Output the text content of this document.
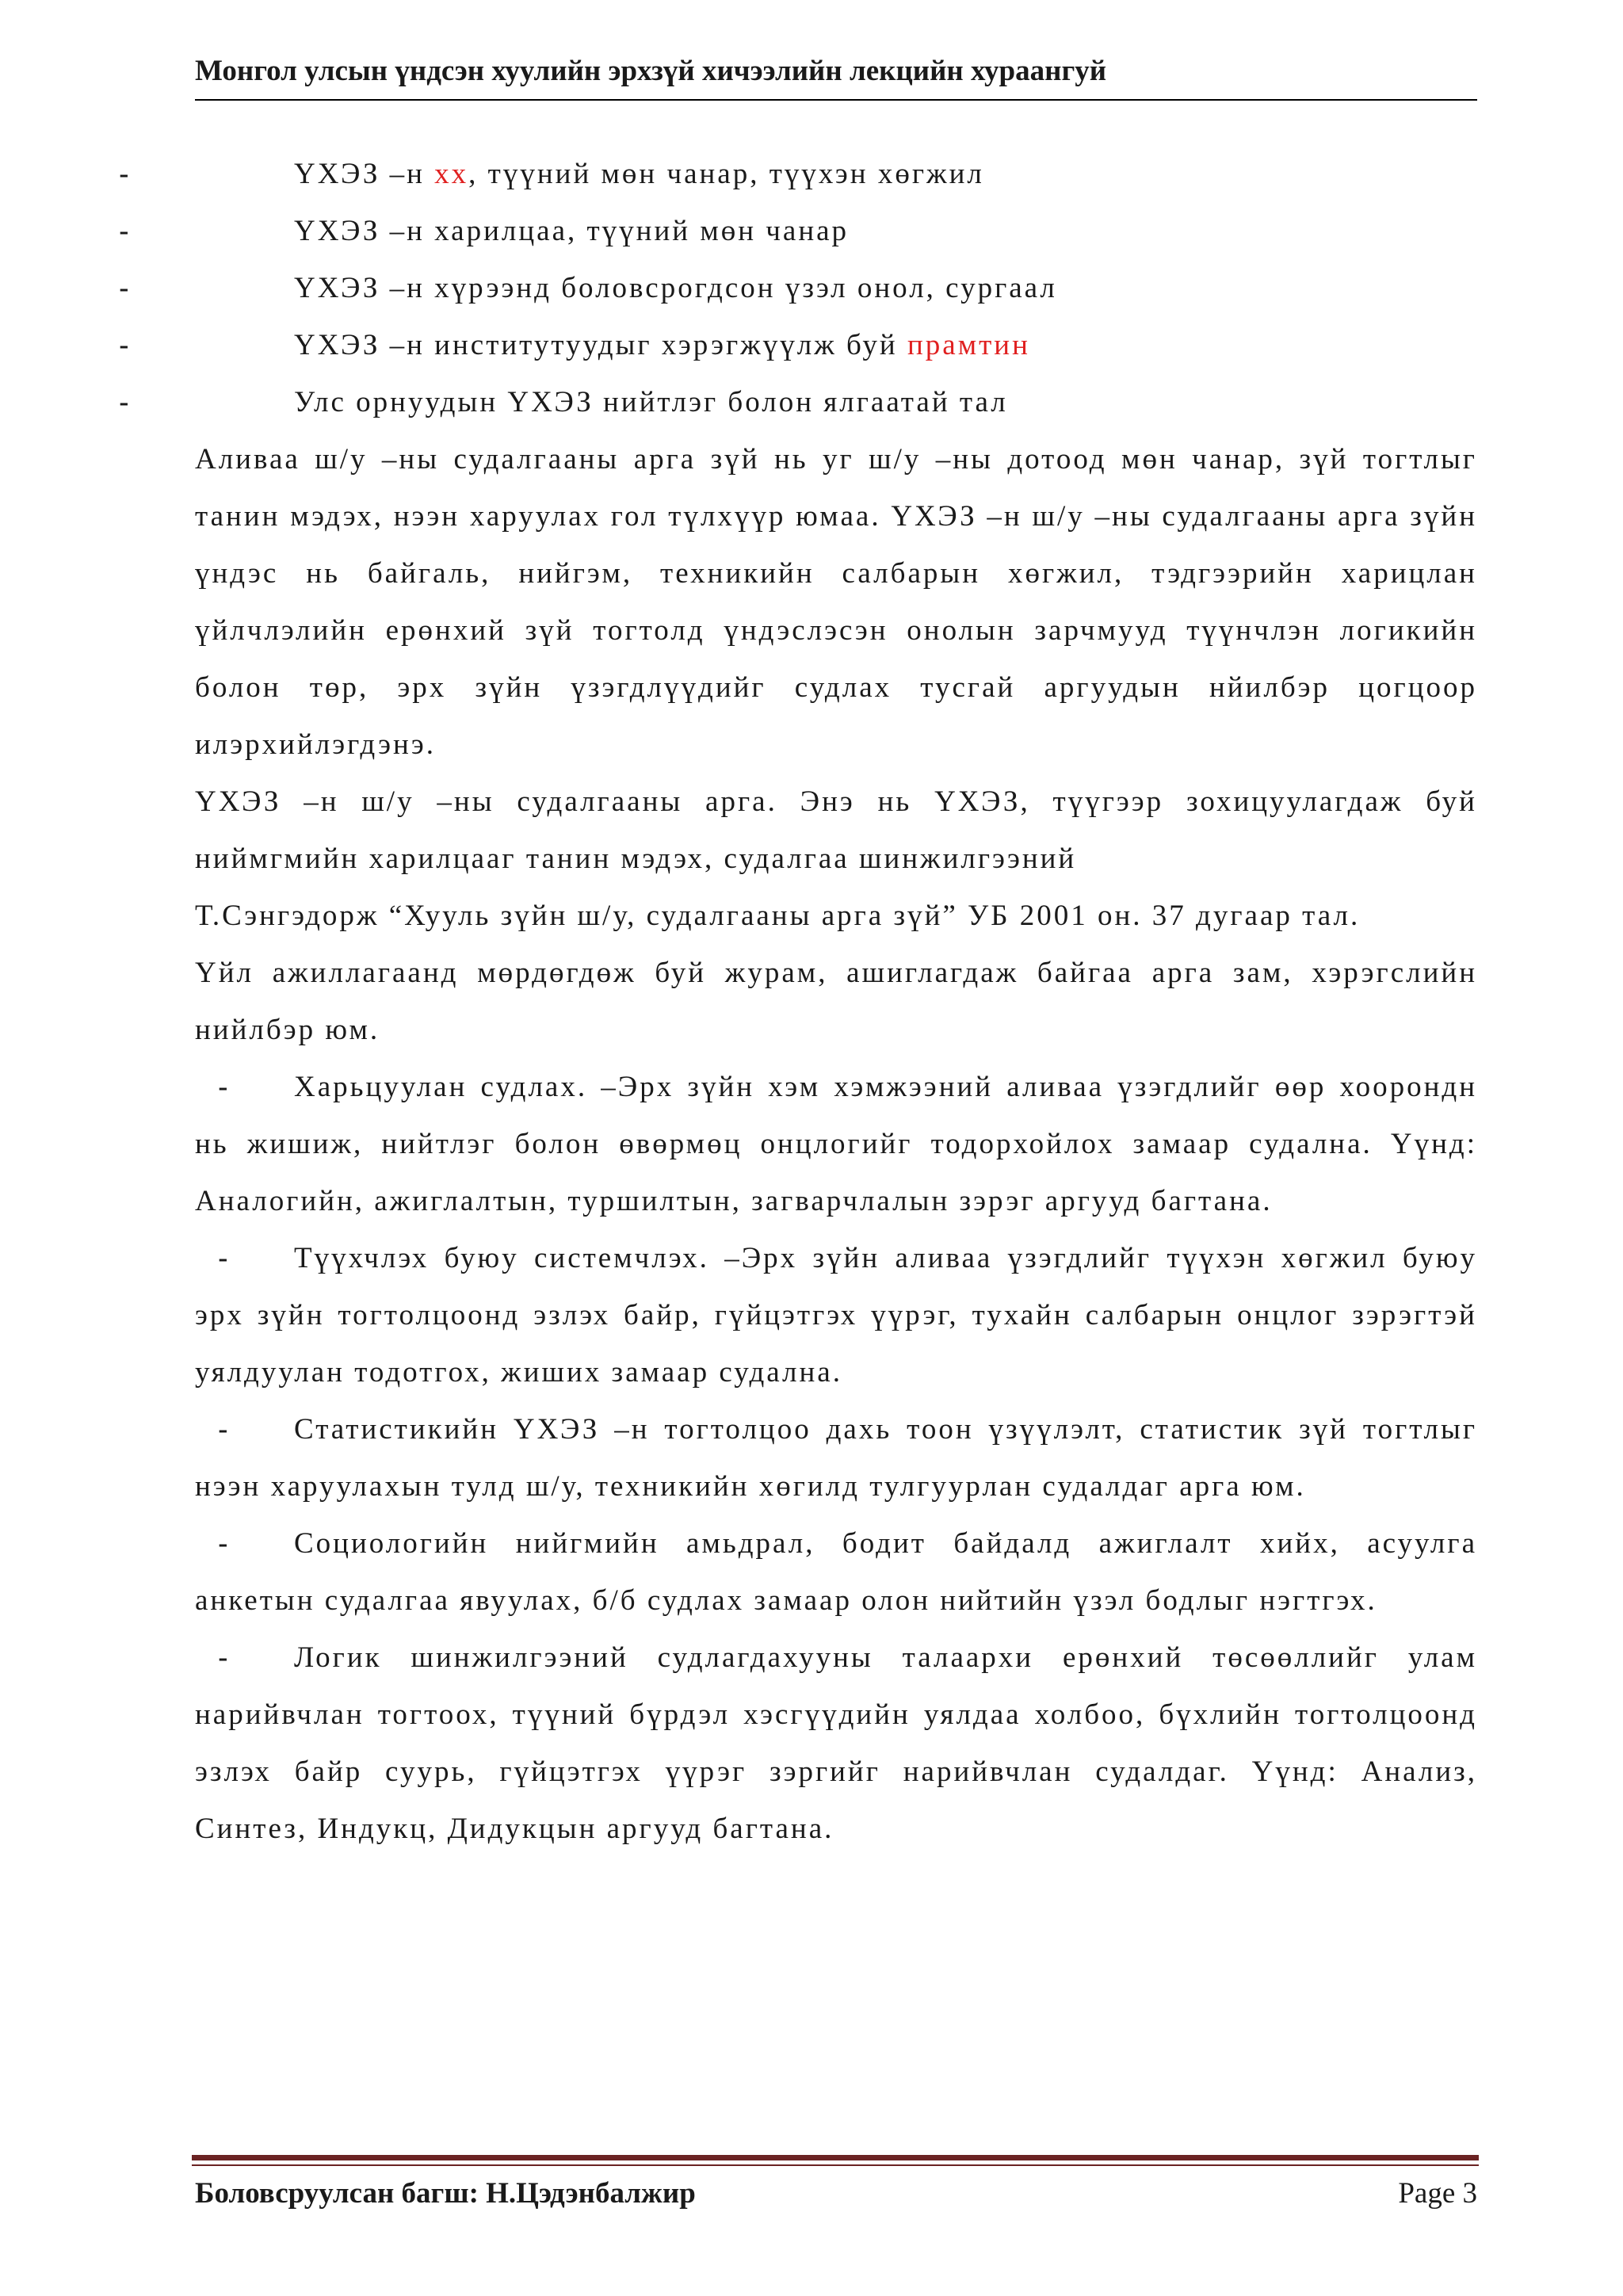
Монгол улсын үндсэн хуулийн эрхзүй хичээлийн лекцийн хураангуй

-	ҮХЭЗ –н хх, түүний мөн чанар, түүхэн хөгжил

-	ҮХЭЗ –н харилцаа, түүний мөн чанар

-	ҮХЭЗ –н хүрээнд боловсрогдсон үзэл онол, сургаал

-	ҮХЭЗ –н институтуудыг хэрэгжүүлж буй прамтин

-	Улс орнуудын ҮХЭЗ нийтлэг болон ялгаатай тал

Аливаа ш/у –ны судалгааны арга зүй нь уг ш/у –ны дотоод мөн чанар, зүй тогтлыг танин мэдэх, нээн харуулах гол түлхүүр юмаа. ҮХЭЗ –н ш/у –ны судалгааны арга зүйн үндэс нь байгаль, нийгэм, техникийн салбарын хөгжил, тэдгээрийн харицлан үйлчлэлийн ерөнхий зүй тогтолд үндэслэсэн онолын зарчмууд түүнчлэн логикийн болон төр, эрх зүйн үзэгдлүүдийг судлах тусгай аргуудын нйилбэр цогцоор илэрхийлэгдэнэ.

ҮХЭЗ –н ш/у –ны судалгааны арга. Энэ нь ҮХЭЗ, түүгээр зохицуулагдаж буй ниймгмийн харилцааг танин мэдэх, судалгаа шинжилгээний

Т.Сэнгэдорж “Хууль зүйн ш/у, судалгааны арга зүй” УБ 2001 он. 37 дугаар тал.

Үйл ажиллагаанд мөрдөгдөж буй журам, ашиглагдаж байгаа арга зам, хэрэгслийн нийлбэр юм.

- Харьцуулан судлах. –Эрх зүйн хэм хэмжээний аливаа үзэгдлийг өөр хоорондн нь жишиж, нийтлэг болон өвөрмөц онцлогийг тодорхойлох замаар судална. Үүнд: Аналогийн, ажиглалтын, туршилтын, загварчлалын зэрэг аргууд багтана.

- Түүхчлэх буюу системчлэх. –Эрх зүйн аливаа үзэгдлийг түүхэн хөгжил буюу эрх зүйн тогтолцоонд эзлэх байр, гүйцэтгэх үүрэг, тухайн салбарын онцлог зэрэгтэй уялдуулан тодотгох, жиших замаар судална.

- Статистикийн ҮХЭЗ –н тогтолцоо дахь тоон үзүүлэлт, статистик зүй тогтлыг нээн харуулахын тулд ш/у, техникийн хөгилд тулгуурлан судалдаг арга юм.

- Социологийн нийгмийн амьдрал, бодит байдалд ажиглалт хийх, асуулга анкетын судалгаа явуулах, б/б судлах замаар олон нийтийн үзэл бодлыг нэгтгэх.

- Логик шинжилгээний судлагдахууны талаархи ерөнхий төсөөллийг улам нарийвчлан тогтоох, түүний бүрдэл хэсгүүдийн уялдаа холбоо, бүхлийн тогтолцоонд эзлэх байр суурь, гүйцэтгэх үүрэг зэргийг нарийвчлан судалдаг. Үүнд: Анализ, Синтез, Индукц, Дидукцын аргууд багтана.

Боловсруулсан багш: Н.Цэдэнбалжир	Page 3
